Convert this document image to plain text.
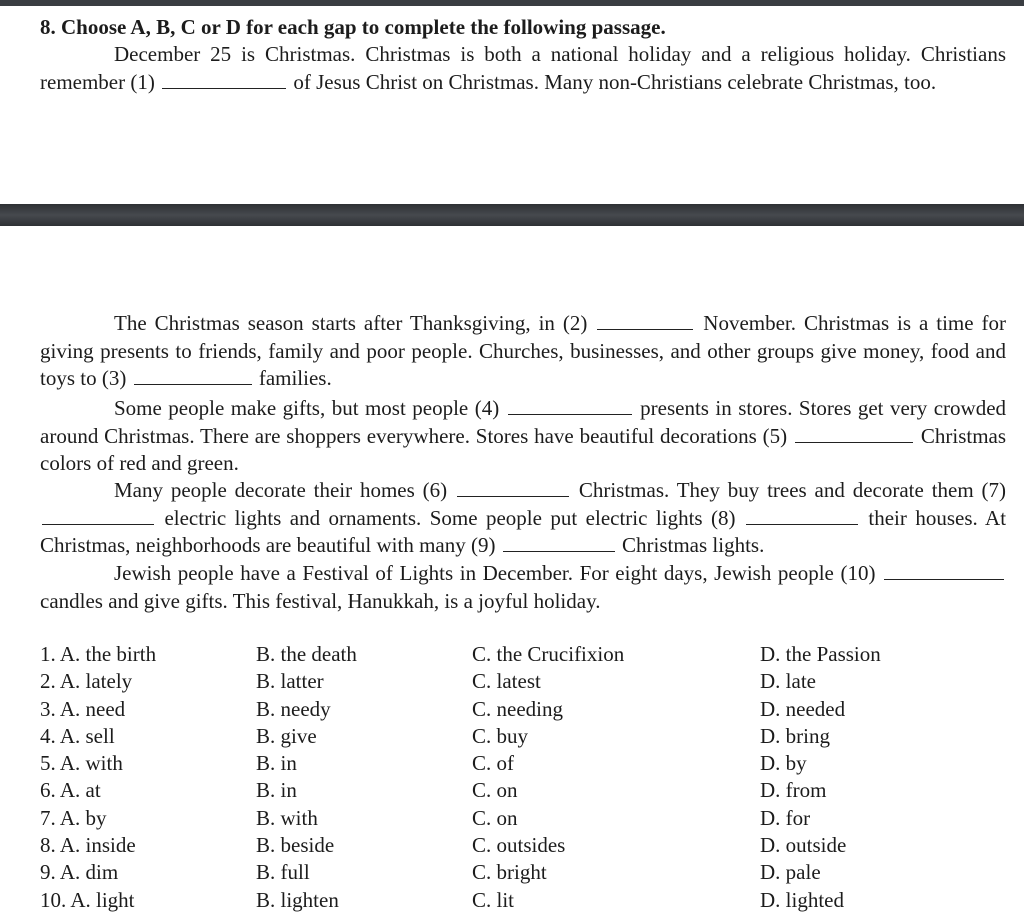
8. Choose A, B, C or D for each gap to complete the following passage.

December 25 is Christmas. Christmas is both a national holiday and a religious holiday. Christians remember (1)	of Jesus Christ on Christmas. Many non-Christians celebrate Christmas, too.

The Christmas season starts after Thanksgiving, in (2)	November. Christmas is a time for giving presents to friends, family and poor people. Churches, businesses, and other groups give money, food and toys to (3)	families.

Some people make gifts, but most people (4)	presents in stores. Stores get very crowded around Christmas. There are shoppers everywhere. Stores have beautiful decorations (5)	Christmas colors of red and green.

Many people decorate their homes (6)	Christmas. They buy trees and decorate them (7)  electric lights and ornaments. Some people put electric lights (8)	their houses. At Christmas, neighborhoods are beautiful with many (9)	Christmas lights.

Jewish people have a Festival of Lights in December. For eight days, Jewish people (10)  candles and give gifts. This festival, Hanukkah, is a joyful holiday.

1. A. the birth	B. the death	C. the Crucifixion	D. the Passion
2. A. lately	B. latter	C. latest	D. late
3. A. need	B. needy	C. needing	D. needed
4. A. sell	B. give	C. buy	D. bring
5. A. with	B. in	C. of	D. by
6. A. at	B. in	C. on	D. from
7. A. by	B. with	C. on	D. for
8. A. inside	B. beside	C. outsides	D. outside
9. A. dim	B. full	C. bright	D. pale
10. A. light	B. lighten	C. lit	D. lighted
